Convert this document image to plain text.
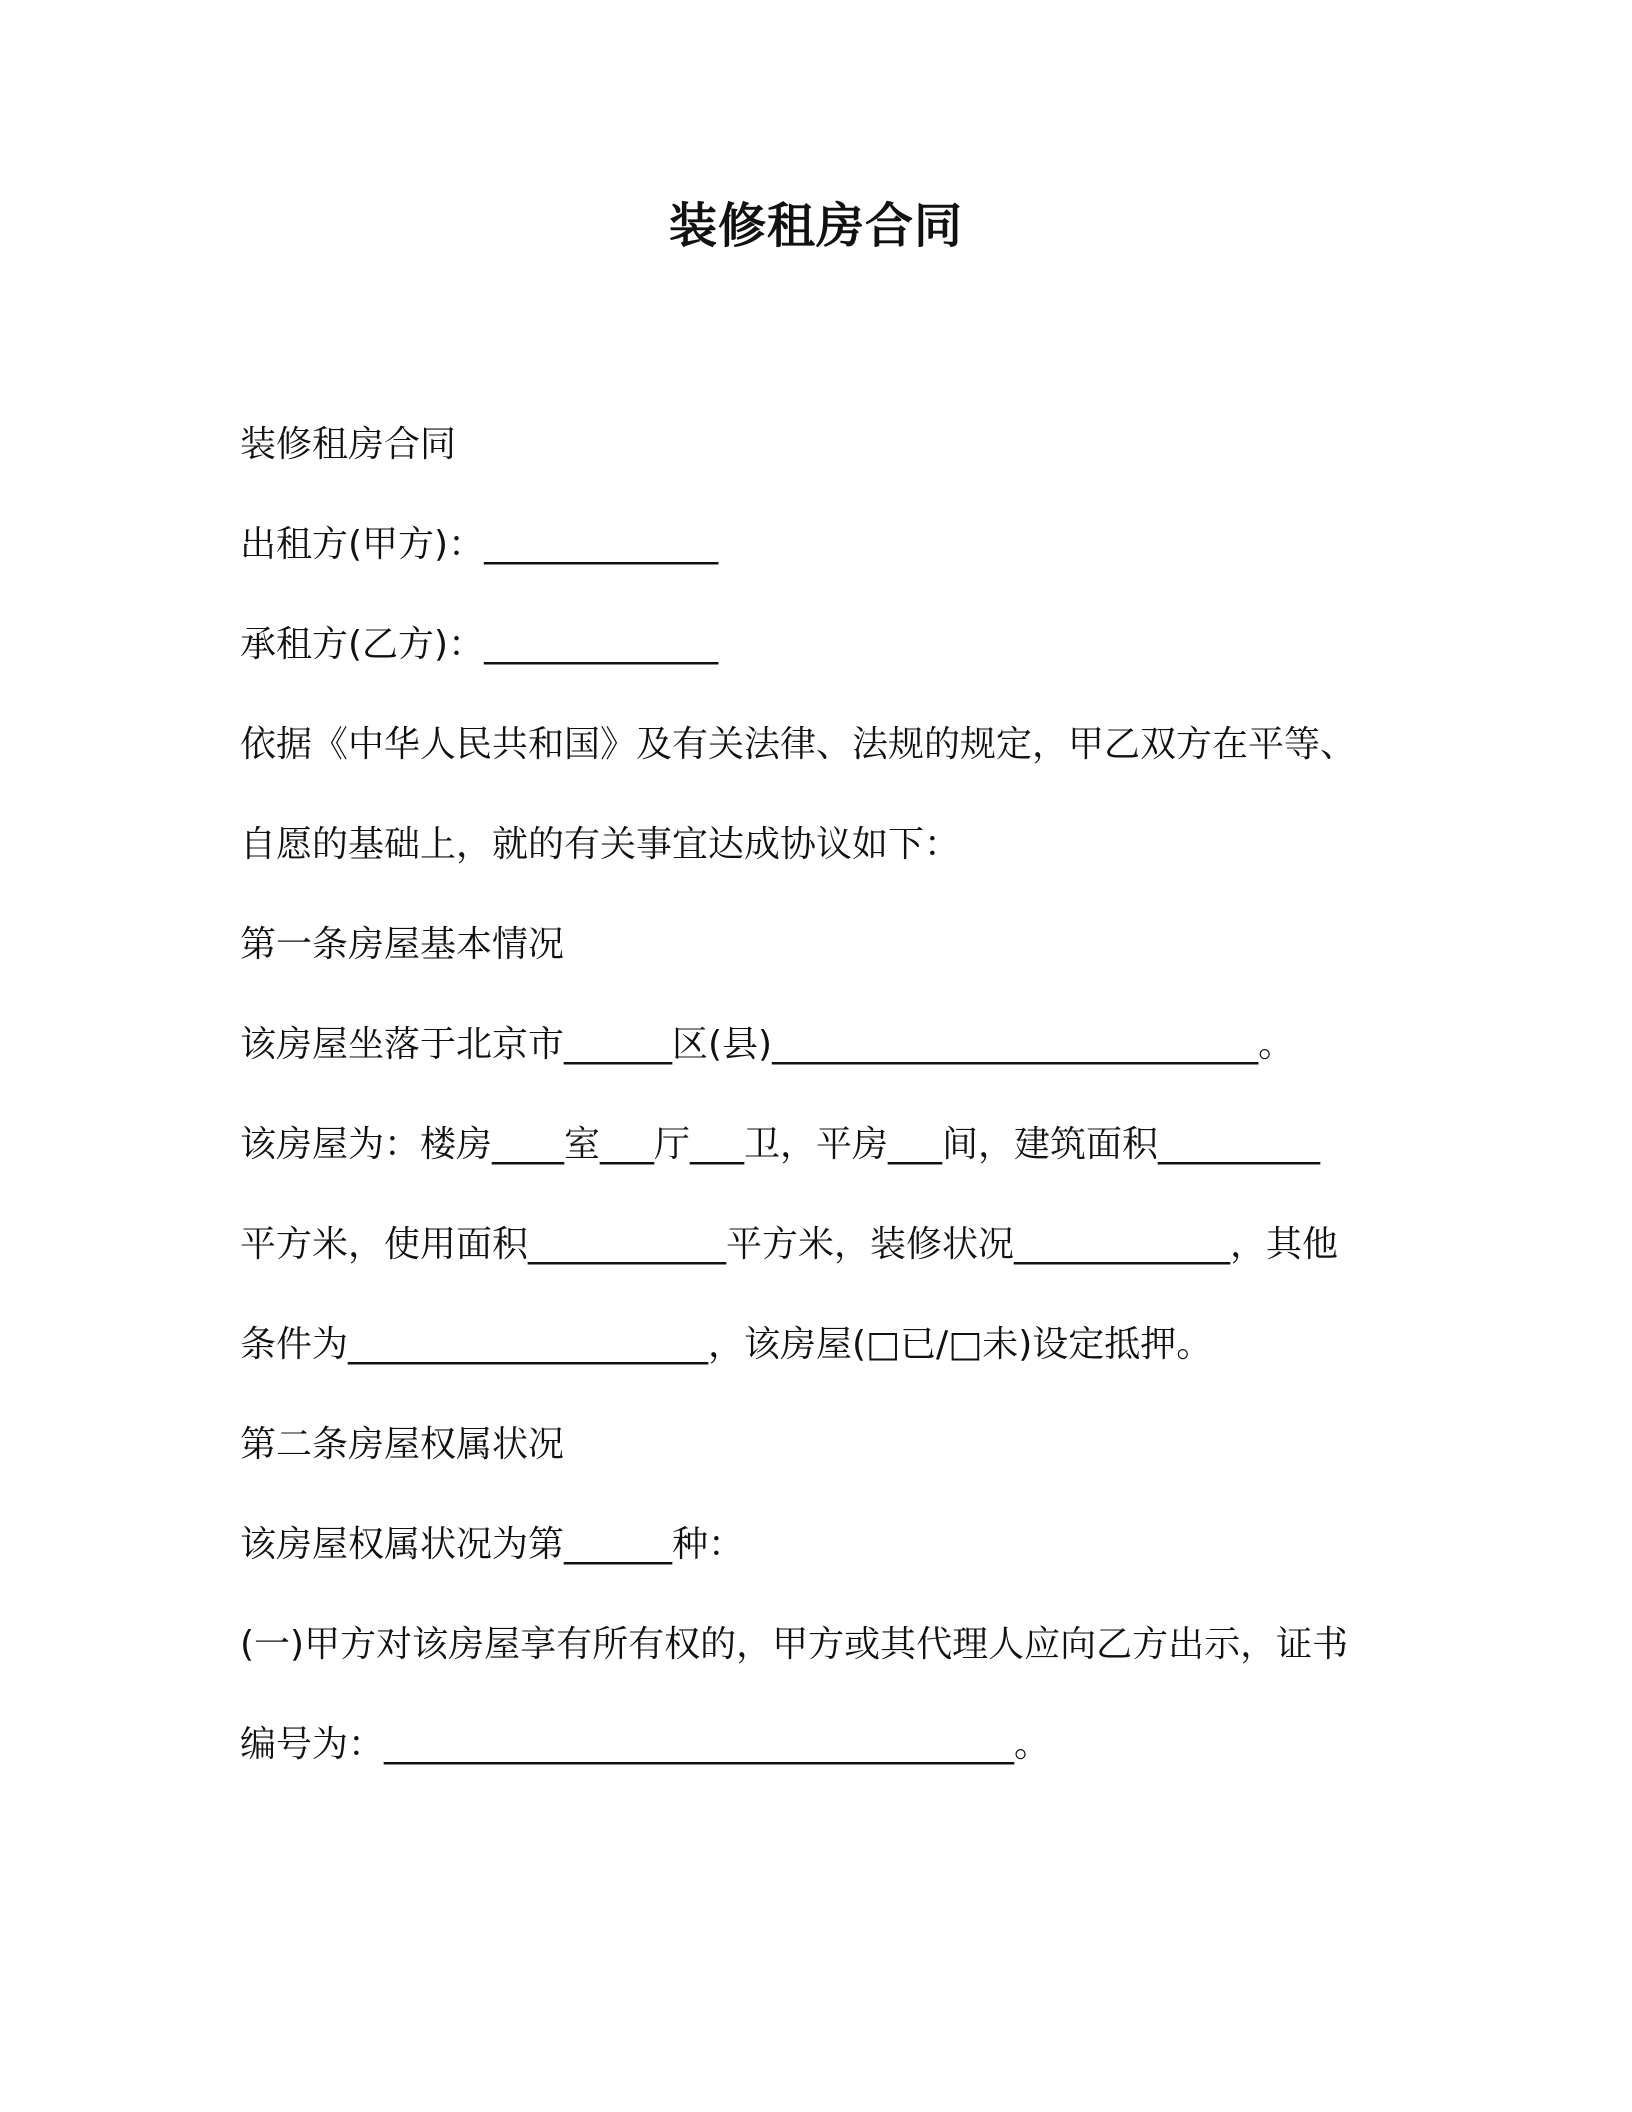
装修租房合同
装修租房合同
出租方(甲方)：_____________
承租方(乙方)：_____________
依据《中华人民共和国》及有关法律、法规的规定，甲乙双方在平等、
自愿的基础上，就的有关事宜达成协议如下：
第一条房屋基本情况
该房屋坐落于北京市______区(县)___________________________。
该房屋为：楼房____室___厅___卫，平房___间，建筑面积_________
平方米，使用面积___________平方米，装修状况____________，其他
条件为____________________，该房屋(□已/□未)设定抵押。
第二条房屋权属状况
该房屋权属状况为第______种：
(一)甲方对该房屋享有所有权的，甲方或其代理人应向乙方出示，证书
编号为：___________________________________。
